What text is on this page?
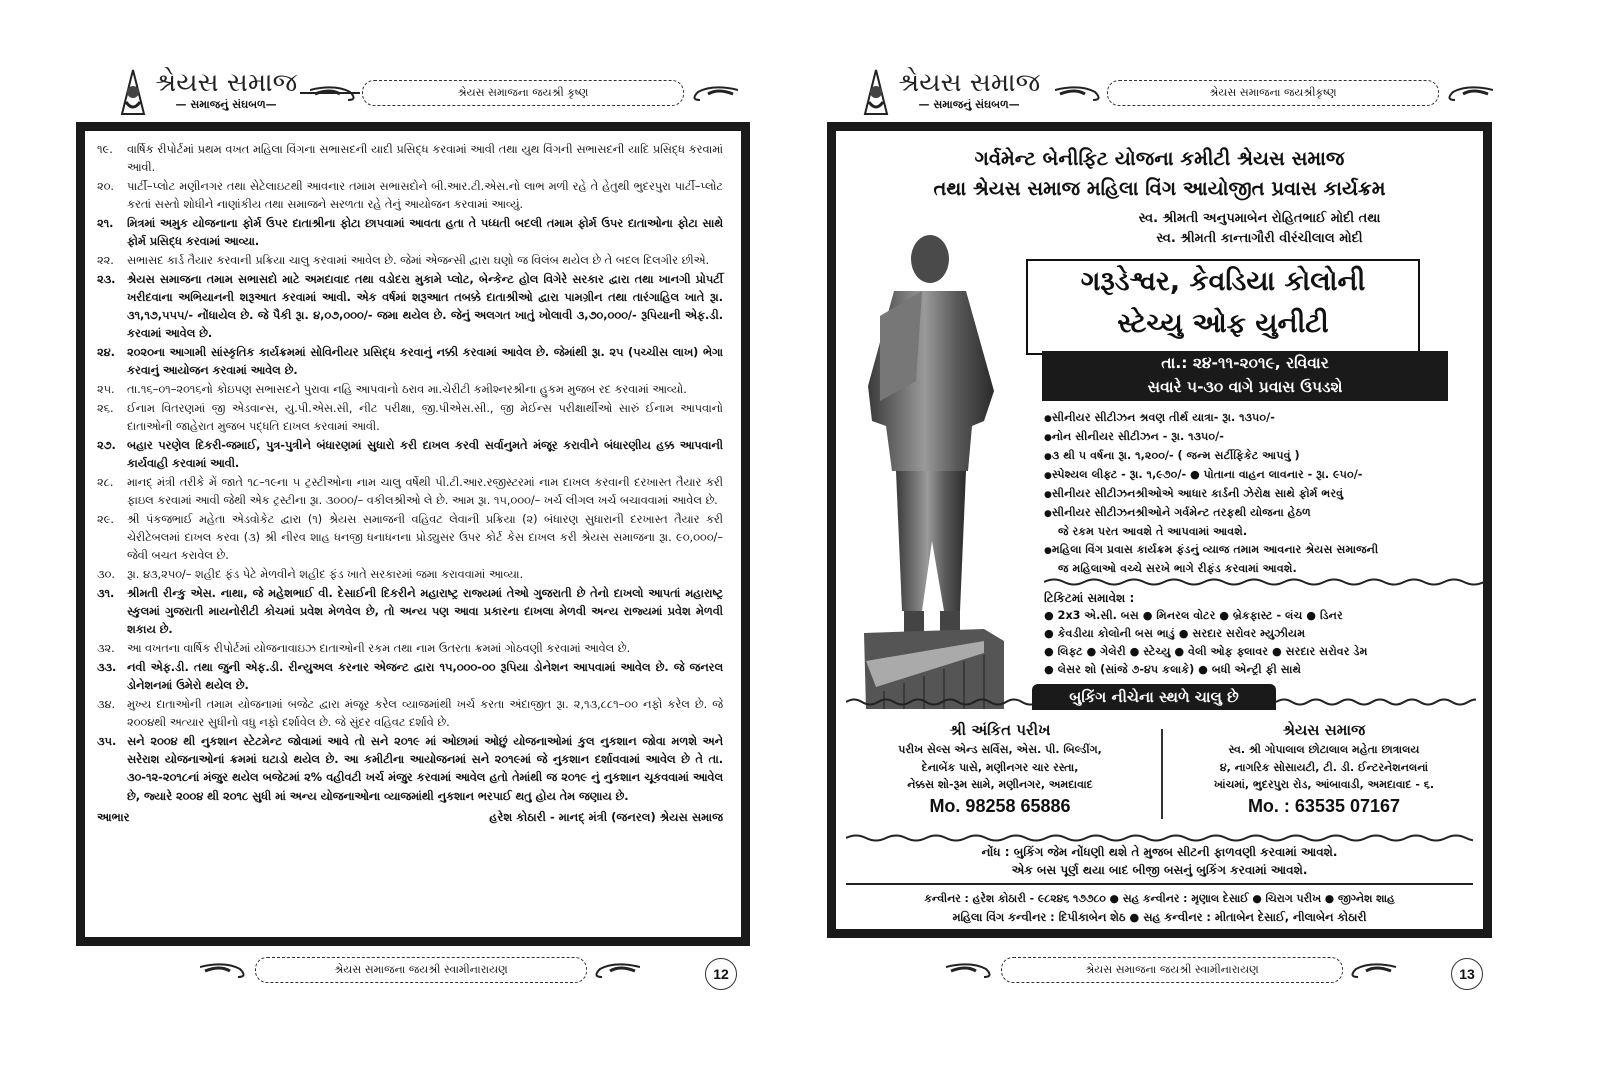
શ્રેયસ સમાજ
— સમાજનું સંઘબળ—
શ્રેયસ સમાજના જયશ્રી કૃષ્ણ
૧૯.	વાર્ષિક રીપોર્ટમાં પ્રથમ વખત મહિલા વિંગના સભાસદની યાદી પ્રસિદ્ધ કરવામાં આવી તથા યુથ વિંગની સભાસદની યાદિ પ્રસિદ્ધ કરવામાં આવી.
૨૦.	પાર્ટી–પ્લોટ મણીનગર તથા સેટેલાઇટથી આવનાર તમામ સભાસદોને બી.આર.ટી.એસ.નો લાભ મળી રહે તે હેતુથી ભુદરપુરા પાર્ટી–પ્લોટ કરતાં સસ્તો શોધીને નાણાંકીય તથા સમાજને સરળતા રહે તેનું આયોજન કરવામાં આવ્યું.
૨૧.	મિત્રમાં અમુક યોજનાના ફોર્મ ઉપર દાતાશ્રીના ફોટા છાપવામાં આવતા હતા તે પધ્ધતી બદલી તમામ ફોર્મ ઉપર દાતાઓના ફોટા સાથે ફોર્મ પ્રસિદ્ધ કરવામાં આવ્યા.
૨૨.	સભાસદ કાર્ડ તૈયાર કરવાની પ્રક્રિયા ચાલુ કરવામાં આવેલ છે. જેમાં એજન્સી દ્વારા ઘણો જ વિલંબ થયેલ છે તે બદલ દિલગીર છીએ.
૨૩.	શ્રેયસ સમાજના તમામ સભાસદો માટે અમદાવાદ તથા વડોદરા મુકામે પ્લોટ, બેન્કેન્ટ હોલ વિગેરે સરકાર દ્વારા તથા ખાનગી પ્રોપર્ટી ખરીદવાના અભિયાનની શરૂઆત કરવામાં આવી. એક વર્ષમાં શરૂઆત તબક્કે દાતાશ્રીઓ દ્વારા પામગ્રીન તથા તારંગાહિલ ખાતે રૂા. ૩૧,૧૭,૫૫૫/- નોંધાયેલ છે. જે પૈકી રૂા. ૪,૦૭,૦૦૦/- જમા થયેલ છે. જેનું અલગત ખાતું ખોલાવી ૩,૭૦,૦૦૦/- રૂપિયાની એફ.ડી. કરવામાં આવેલ છે.
૨૪.	૨૦૨૦ના આગામી સાંસ્કૃતિક કાર્યક્રમમાં સોવિનીયર પ્રસિદ્ધ કરવાનું નક્કી કરવામાં આવેલ છે. જેમાંથી રૂા. ૨૫ (પચ્ચીસ લાખ) ભેગા કરવાનું આયોજન કરવામાં આવેલ છે.
૨૫.	તા.૧૬–૦૧–૨૦૧૬નો કોઇપણ સભાસદને પુરાવા નહિ આપવાનો ઠરાવ મા.ચેરીટી કમીશ્નરશ્રીના હુકમ મુજબ રદ કરવામાં આવ્યો.
૨૬.	ઈનામ વિતરણમાં જી એડવાન્સ, યુ.પી.એસ.સી, નીટ પરીક્ષા, જી.પીએસ.સી., જી મેઈન્સ પરીક્ષાર્થીઓ સારું ઈનામ આપવાનો દાતાઓની જાહેરાત મુજબ પદ્ધતિ દાખલ કરવામાં આવી.
૨૭. બહાર પરણેલ દિકરી-જમાઈ, પુત્ર-પુત્રીને બંધારણમાં સુધારો કરી દાખલ કરવી સર્વાનુમતે મંજૂર કરાવીને બંધારણીય હક્ક આપવાની કાર્યવાહી કરવામાં આવી.
૨૮.	માનદ્ મંત્રી તરીકે મેં જાતે ૧૮–૧૯ના ૫ ટ્રસ્ટીઓના નામ ચાલુ વર્ષેથી પી.ટી.આર.રજીસ્ટરમાં નામ દાખલ કરવાની દરખાસ્ત તૈયાર કરી ફાઇલ કરવામાં આવી જેથી એક ટ્રસ્ટીના રૂા. ૩૦૦૦/– વકીલશ્રીઓ લે છે. આમ રૂા. ૧૫,૦૦૦/– ખર્ચ લીગલ ખર્ચ બચાવવામાં આવેલ છે.
૨૯.	શ્રી પંકજભાઈ મહેતા એડવોકેટ દ્વારા (૧) શ્રેયસ સમાજની વહિવટ લેવાની પ્રક્રિયા (૨) બંધારણ સુધારાની દરખાસ્ત તૈયાર કરી ચેરીટેબલમાં દાખલ કરવા (૩) શ્રી નીરવ શાહ ધનજી ધનાધનના પ્રોડ્યુસર ઉપર કોર્ટ કેસ દાખલ કરી શ્રેયસ સમાજના રૂા. ૯૦,૦૦૦/– જેવી બચત કરાવેલ છે.
૩૦.	રૂા. ૪૩,૨૫૦/– શહીદ ફંડ પેટે મેળવીને શહીદ ફંડ ખાતે સરકારમાં જમા કરાવવામાં આવ્યા.
૩૧.	શ્રીમતી રીન્કુ એસ. નાથા, જે મહેશભાઈ વી. દેસાઈની દિકરીને મહારાષ્ટ્ર રાજ્યમાં તેઓ ગુજરાતી છે તેનો દાખલો આપતાં મહારાષ્ટ્ર સ્કુલમાં ગુજરાતી માયનોરીટી કોચમાં પ્રવેશ મેળવેલ છે, તો અન્ય પણ આવા પ્રકારના દાખલા મેળવી અન્ય રાજ્યમાં પ્રવેશ મેળવી શકાય છે.
૩૨.	આ વખતના વાર્ષિક રીપોર્ટમાં યોજનાવાઇઝ દાતાઓની રકમ તથા નામ ઉતરતા ક્રમમાં ગોઠવણી કરવામાં આવેલ છે.
૩૩. નવી એફ.ડી. તથા જુની એફ.ડી. રીન્યુઅલ કરનાર એજન્ટ દ્વારા ૧૫,૦૦૦-૦૦ રૂપિયા ડોનેશન આપવામાં આવેલ છે. જે જનરલ ડોનેશનમાં ઉમેરો થયેલ છે.
૩૪.	મુખ્ય દાતાઓની તમામ યોજનામાં બજેટ દ્વારા મંજૂર કરેલ વ્યાજમાંથી ખર્ચ કરતા અંદાજીત રૂા. ૨,૧૩,૮૮૧–૦૦ નફો કરેલ છે. જે ૨૦૦૪થી અત્યાર સુધીનો વધુ નફો દર્શાવેલ છે. જે સુંદર વહિવટ દર્શાવે છે.
૩૫. સને ૨૦૦૪ થી નુકશાન સ્ટેટમેન્ટ જોવામાં આવે તો સને ૨૦૧૯ માં ઓછામાં ઓછું યોજનાઓમાં કુલ નુકશાન જોવા મળશે અને સરેરાશ યોજનાઓનાં ક્રમમાં ઘટાડો થયેલ છે. આ કમીટીના આયોજનમાં સને ૨૦૧૯માં જે નુકશાન દર્શાવવામાં આવેલ છે તે તા. ૩૦-૧૨-૨૦૧૮નાં મંજુર થયેલ બજેટમાં ૨% વહીવટી ખર્ચ મંજુર કરવામાં આવેલ હતો તેમાંથી જ ૨૦૧૯ નું નુકશાન ચૂકવવામાં આવેલ છે, જ્યારે ૨૦૦૪ થી ૨૦૧૮ સુધી માં અન્ય યોજનાઓના વ્યાજમાંથી નુકશાન ભરપાઈ થતુ હોય તેમ જણાય છે.
આભાર	હરેશ કોઠારી - માનદ્ મંત્રી (જનરલ) શ્રેયસ સમાજ
શ્રેયસ સમાજના જયશ્રી સ્વામીનારાયણ	12
શ્રેયસ સમાજ
— સમાજનું સંઘબળ—
શ્રેયસ સમાજના જયશ્રીકૃષ્ણ
ગર્વમેન્ટ બેનીફિટ યોજના કમીટી શ્રેયસ સમાજ
તથા શ્રેયસ સમાજ મહિલા વિંગ આયોજીત પ્રવાસ કાર્યક્રમ
સ્વ. શ્રીમતી અનુપમાબેન રોહિતભાઈ મોદી તથા
સ્વ. શ્રીમતી કાન્તાગૌરી વીરંચીલાલ મોદી
ગરૂડેશ્વર, કેવડિયા કોલોની
સ્ટેચ્યુ ઓફ યુનીટી
તા.: ૨૪-૧૧-૨૦૧૯, રવિવાર
સવારે ૫-૩૦ વાગે પ્રવાસ ઉપડશે
● સીનીયર સીટીઝન શ્રવણ તીર્થ યાત્રા- રૂા. ૧૩૫૦/-
● નોન સીનીયર સીટીઝન - રૂા. ૧૩૫૦/-
● ૩ થી ૫ વર્ષના રૂા. ૧,૨૦૦/- ( જન્મ સર્ટીફિકેટ આપવું )
● સ્પેશ્યલ લીફ્ટ - રૂા. ૧,૯૭૦/- ● પોતાના વાહન લાવનાર - રૂા. ૯૫૦/-
● સીનીયર સીટીઝનશ્રીઓએ આધાર કાર્ડની ઝેરોક્ષ સાથે ફોર્મ ભરવું
● સીનીયર સીટીઝનશ્રીઓને ગર્વમેન્ટ તરફથી યોજના હેઠળ
જે રકમ પરત આવશે તે આપવામાં આવશે.
● મહિલા વિંગ પ્રવાસ કાર્યક્રમ ફંડનું વ્યાજ તમામ આવનાર શ્રેયસ સમાજની
જ મહિલાઓ વચ્ચે સરખે ભાગે રીફંડ કરવામાં આવશે.
ટિકિટમાં સમાવેશ :
● 2x3 એ.સી. બસ ● મિનરલ વોટર ● બ્રેકફાસ્ટ - લંચ ● ડિનર
● કેવડીયા કોલોની બસ ભાડું ● સરદાર સરોવર મ્યુઝીયમ
● લિફ્ટ ● ગેલેરી ● સ્ટેચ્યુ ● વેલી ઓફ ફ્લાવર ● સરદાર સરોવર ડેમ
● લેસર શો (સાંજે ૭-૪૫ કલાકે) ● બધી એન્ટ્રી ફી સાથે
બુકિંગ નીચેના સ્થળે ચાલુ છે
શ્રી અંકિત પરીખ
પરીખ સેલ્સ એન્ડ સર્વિસ, એસ. પી. બિલ્ડીંગ,
દેનાબેંક પાસે, મણીનગર ચાર રસ્તા,
નેક્કસ શો-રૂમ સામે, મણીનગર, અમદાવાદ
Mo. 98258 65886
શ્રેયસ સમાજ
સ્વ. શ્રી ગોપાલાલ છોટાલાલ મહેતા છાત્રાલય
૪, નાગરિક સોસાયટી, ટી. ડી. ઈન્ટરનેશનલનાં
ખાંચમાં, ભુદરપુરા રોડ, આંબાવાડી, અમદાવાદ - ૬.
Mo. : 63535 07167
નોંધ : બુકિંગ જેમ નોંધણી થશે તે મુજબ સીટની ફાળવણી કરવામાં આવશે.
એક બસ પૂર્ણ થયા બાદ બીજી બસનું બુકિંગ કરવામાં આવશે.
કન્વીનર : હરેશ કોઠારી - ૯૮૨૪૬ ૧૭૭૮૦ ● સહ કન્વીનર : મૃણાલ દેસાઈ ● ચિરાગ પરીખ ● જીગ્નેશ શાહ
મહિલા વિંગ કન્વીનર : દિપીકાબેન શેઠ ● સહ કન્વીનર : મીતાબેન દેસાઈ, નીલાબેન કોઠારી
શ્રેયસ સમાજના જયશ્રી સ્વામીનારાયણ	13
